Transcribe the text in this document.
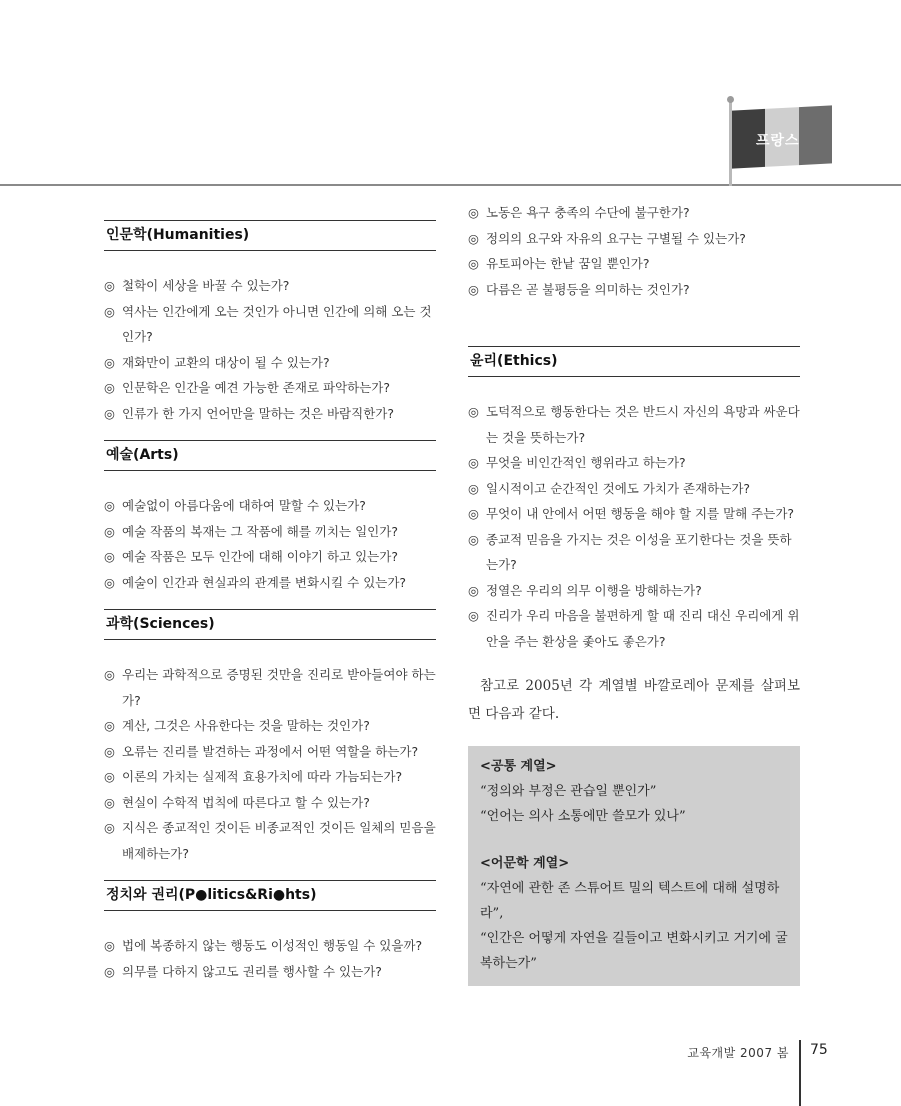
프랑스
인문학(Humanities)
◎ 철학이 세상을 바꿀 수 있는가?
◎ 역사는 인간에게 오는 것인가 아니면 인간에 의해 오는 것인가?
◎ 재화만이 교환의 대상이 될 수 있는가?
◎ 인문학은 인간을 예견 가능한 존재로 파악하는가?
◎ 인류가 한 가지 언어만을 말하는 것은 바람직한가?
예술(Arts)
◎ 예술없이 아름다움에 대하여 말할 수 있는가?
◎ 예술 작품의 복재는 그 작품에 해를 끼치는 일인가?
◎ 예술 작품은 모두 인간에 대해 이야기 하고 있는가?
◎ 예술이 인간과 현실과의 관계를 변화시킬 수 있는가?
과학(Sciences)
◎ 우리는 과학적으로 증명된 것만을 진리로 받아들여야 하는가?
◎ 계산, 그것은 사유한다는 것을 말하는 것인가?
◎ 오류는 진리를 발견하는 과정에서 어떤 역할을 하는가?
◎ 이론의 가치는 실제적 효용가치에 따라 가늠되는가?
◎ 현실이 수학적 법칙에 따른다고 할 수 있는가?
◎ 지식은 종교적인 것이든 비종교적인 것이든 일체의 믿음을 배제하는가?
정치와 권리(P●litics&Ri●hts)
◎ 법에 복종하지 않는 행동도 이성적인 행동일 수 있을까?
◎ 의무를 다하지 않고도 권리를 행사할 수 있는가?
◎ 노동은 욕구 충족의 수단에 불구한가?
◎ 정의의 요구와 자유의 요구는 구별될 수 있는가?
◎ 유토피아는 한낱 꿈일 뿐인가?
◎ 다름은 곧 불평등을 의미하는 것인가?
윤리(Ethics)
◎ 도덕적으로 행동한다는 것은 반드시 자신의 욕망과 싸운다는 것을 뜻하는가?
◎ 무엇을 비인간적인 행위라고 하는가?
◎ 일시적이고 순간적인 것에도 가치가 존재하는가?
◎ 무엇이 내 안에서 어떤 행동을 해야 할 지를 말해 주는가?
◎ 종교적 믿음을 가지는 것은 이성을 포기한다는 것을 뜻하는가?
◎ 정열은 우리의 의무 이행을 방해하는가?
◎ 진리가 우리 마음을 불편하게 할 때 진리 대신 우리에게 위안을 주는 환상을 좇아도 좋은가?

참고로 2005년 각 계열별 바깔로레아 문제를 살펴보면 다음과 같다.

<공통 계열>
“정의와 부정은 관습일 뿐인가”
“언어는 의사 소통에만 쓸모가 있나”
<어문학 계열>
“자연에 관한 존 스튜어트 밀의 텍스트에 대해 설명하라”,
“인간은 어떻게 자연을 길들이고 변화시키고 거기에 굴복하는가”
교육개발 2007 봄 75
